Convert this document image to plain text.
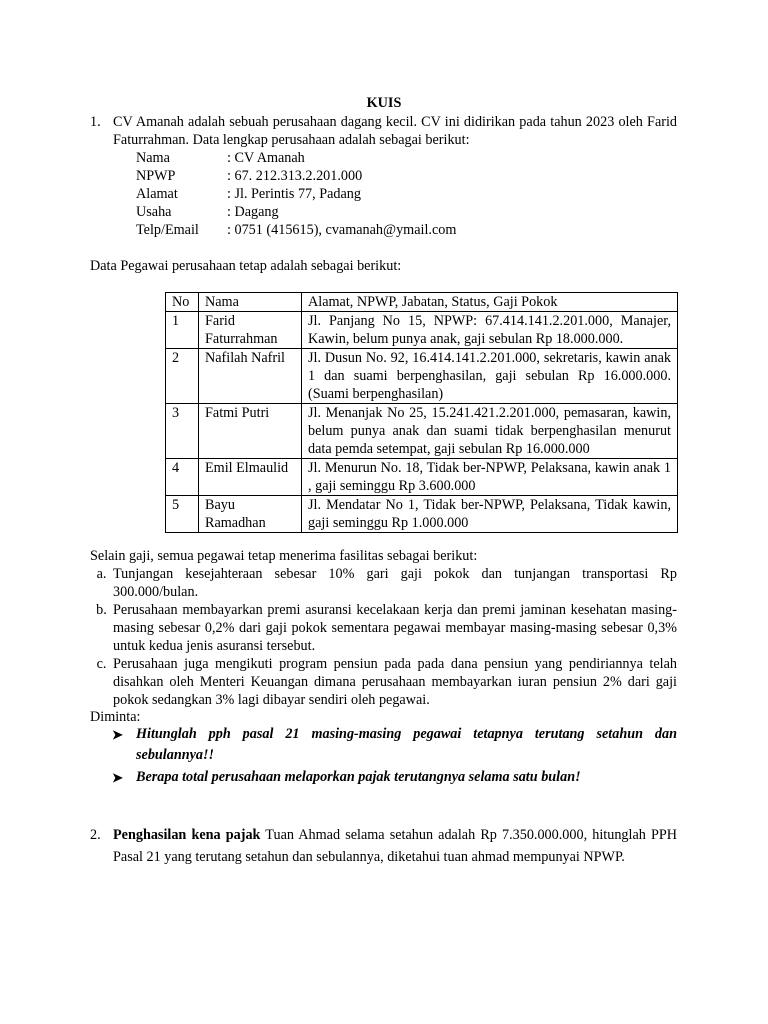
KUIS
1. CV Amanah adalah sebuah perusahaan dagang kecil. CV ini didirikan pada tahun 2023 oleh Farid Faturrahman. Data lengkap perusahaan adalah sebagai berikut:
Nama	: CV Amanah
NPWP	: 67. 212.313.2.201.000
Alamat	: Jl. Perintis 77, Padang
Usaha	: Dagang
Telp/Email	: 0751 (415615), cvamanah@ymail.com
Data Pegawai perusahaan tetap adalah sebagai berikut:
No	Nama	Alamat, NPWP, Jabatan, Status, Gaji Pokok
1	Farid Faturrahman	Jl. Panjang No 15, NPWP: 67.414.141.2.201.000, Manajer, Kawin, belum punya anak, gaji sebulan Rp 18.000.000.
2	Nafilah Nafril	Jl. Dusun No. 92, 16.414.141.2.201.000, sekretaris, kawin anak 1 dan suami berpenghasilan, gaji sebulan Rp 16.000.000. (Suami berpenghasilan)
3	Fatmi Putri	Jl. Menanjak No 25, 15.241.421.2.201.000, pemasaran, kawin, belum punya anak dan suami tidak berpenghasilan menurut data pemda setempat, gaji sebulan Rp 16.000.000
4	Emil Elmaulid	Jl. Menurun No. 18, Tidak ber-NPWP, Pelaksana, kawin anak 1 , gaji seminggu Rp 3.600.000
5	Bayu Ramadhan	Jl. Mendatar No 1, Tidak ber-NPWP, Pelaksana, Tidak kawin, gaji seminggu Rp 1.000.000
Selain gaji, semua pegawai tetap menerima fasilitas sebagai berikut:
a. Tunjangan kesejahteraan sebesar 10% gari gaji pokok dan tunjangan transportasi Rp 300.000/bulan.
b. Perusahaan membayarkan premi asuransi kecelakaan kerja dan premi jaminan kesehatan masing-masing sebesar 0,2% dari gaji pokok sementara pegawai membayar masing-masing sebesar 0,3% untuk kedua jenis asuransi tersebut.
c. Perusahaan juga mengikuti program pensiun pada pada dana pensiun yang pendiriannya telah disahkan oleh Menteri Keuangan dimana perusahaan membayarkan iuran pensiun 2% dari gaji pokok sedangkan 3% lagi dibayar sendiri oleh pegawai.
Diminta:
➤ Hitunglah pph pasal 21 masing-masing pegawai tetapnya terutang setahun dan sebulannya!!
➤ Berapa total perusahaan melaporkan pajak terutangnya selama satu bulan!
2. Penghasilan kena pajak Tuan Ahmad selama setahun adalah Rp 7.350.000.000, hitunglah PPH Pasal 21 yang terutang setahun dan sebulannya, diketahui tuan ahmad mempunyai NPWP.
